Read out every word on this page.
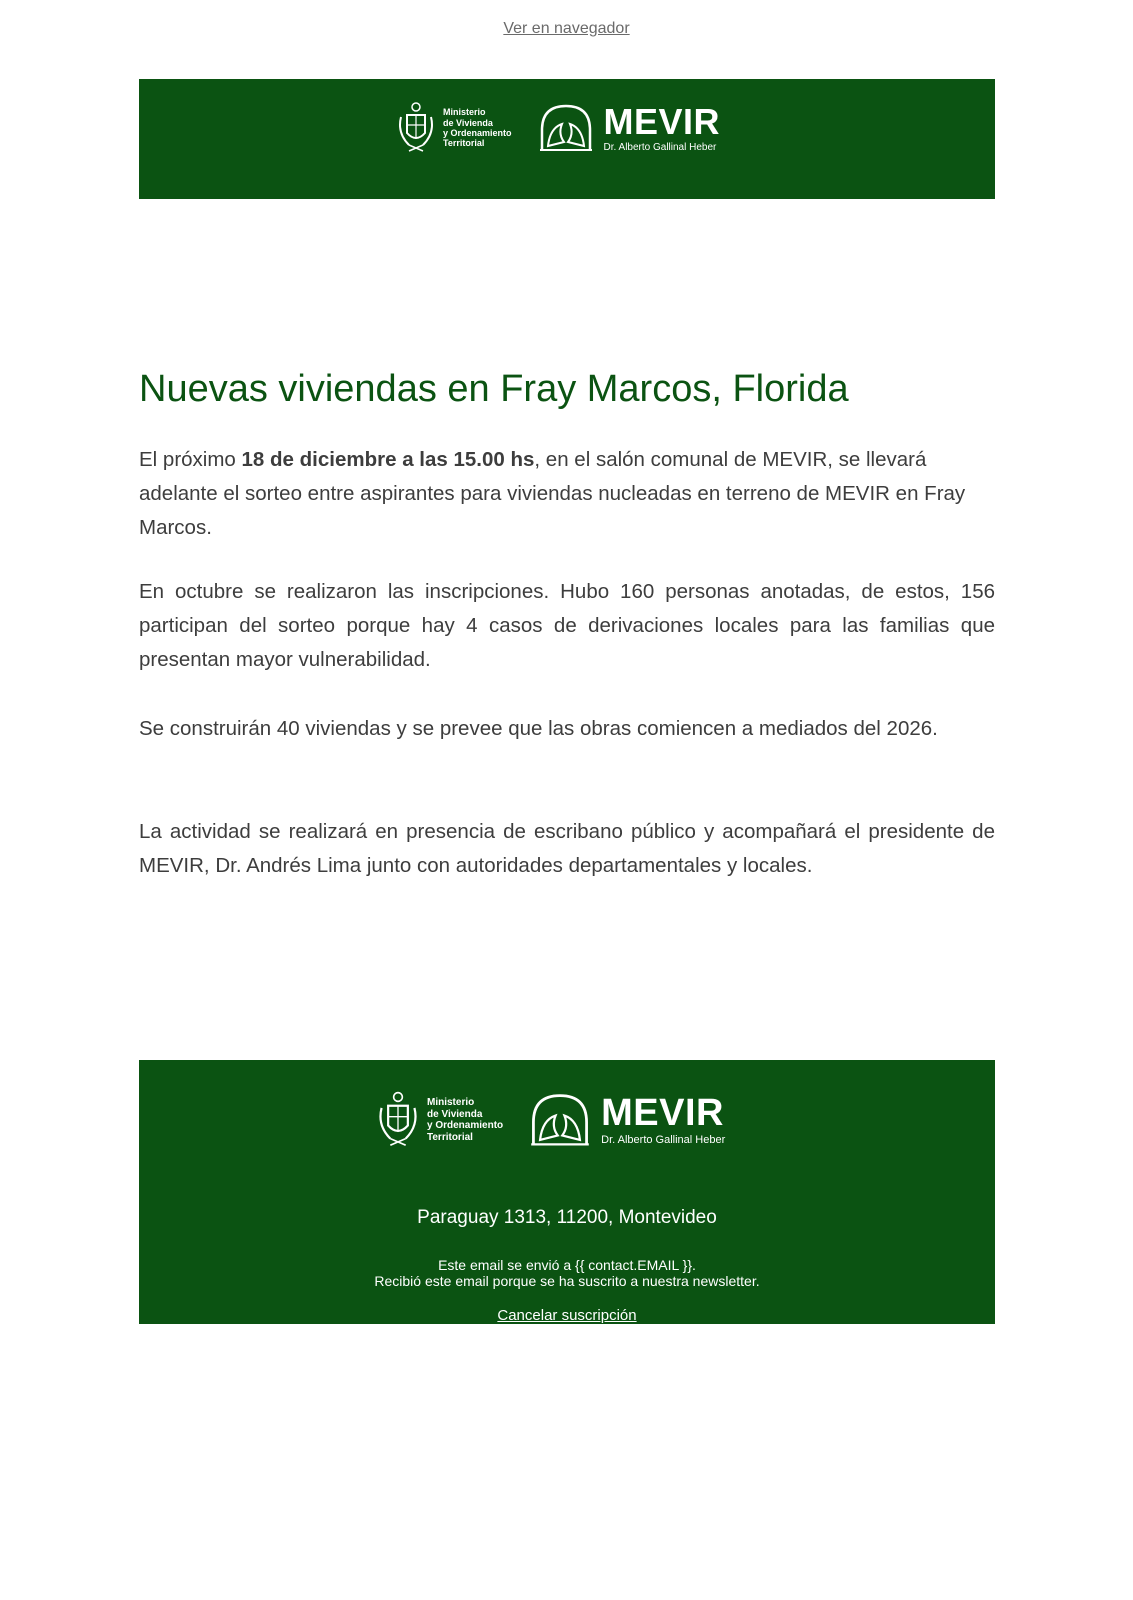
Ver en navegador
Ministerio
de Vivienda
y Ordenamiento
Territorial
MEVIR
Dr. Alberto Gallinal Heber
Nuevas viviendas en Fray Marcos, Florida

El próximo 18 de diciembre a las 15.00 hs, en el salón comunal de MEVIR, se llevará adelante el sorteo entre aspirantes para viviendas nucleadas en terreno de MEVIR en Fray Marcos.

En octubre se realizaron las inscripciones. Hubo 160 personas anotadas, de estos, 156 participan del sorteo porque hay 4 casos de derivaciones locales para las familias que presentan mayor vulnerabilidad.

Se construirán 40 viviendas y se prevee que las obras comiencen a mediados del 2026.

La actividad se realizará en presencia de escribano público y acompañará el presidente de MEVIR, Dr. Andrés Lima junto con autoridades departamentales y locales.

Ministerio
de Vivienda
y Ordenamiento
Territorial
MEVIR
Dr. Alberto Gallinal Heber
Paraguay 1313, 11200, Montevideo
Este email se envió a {{ contact.EMAIL }}.
Recibió este email porque se ha suscrito a nuestra newsletter.
Cancelar suscripción
